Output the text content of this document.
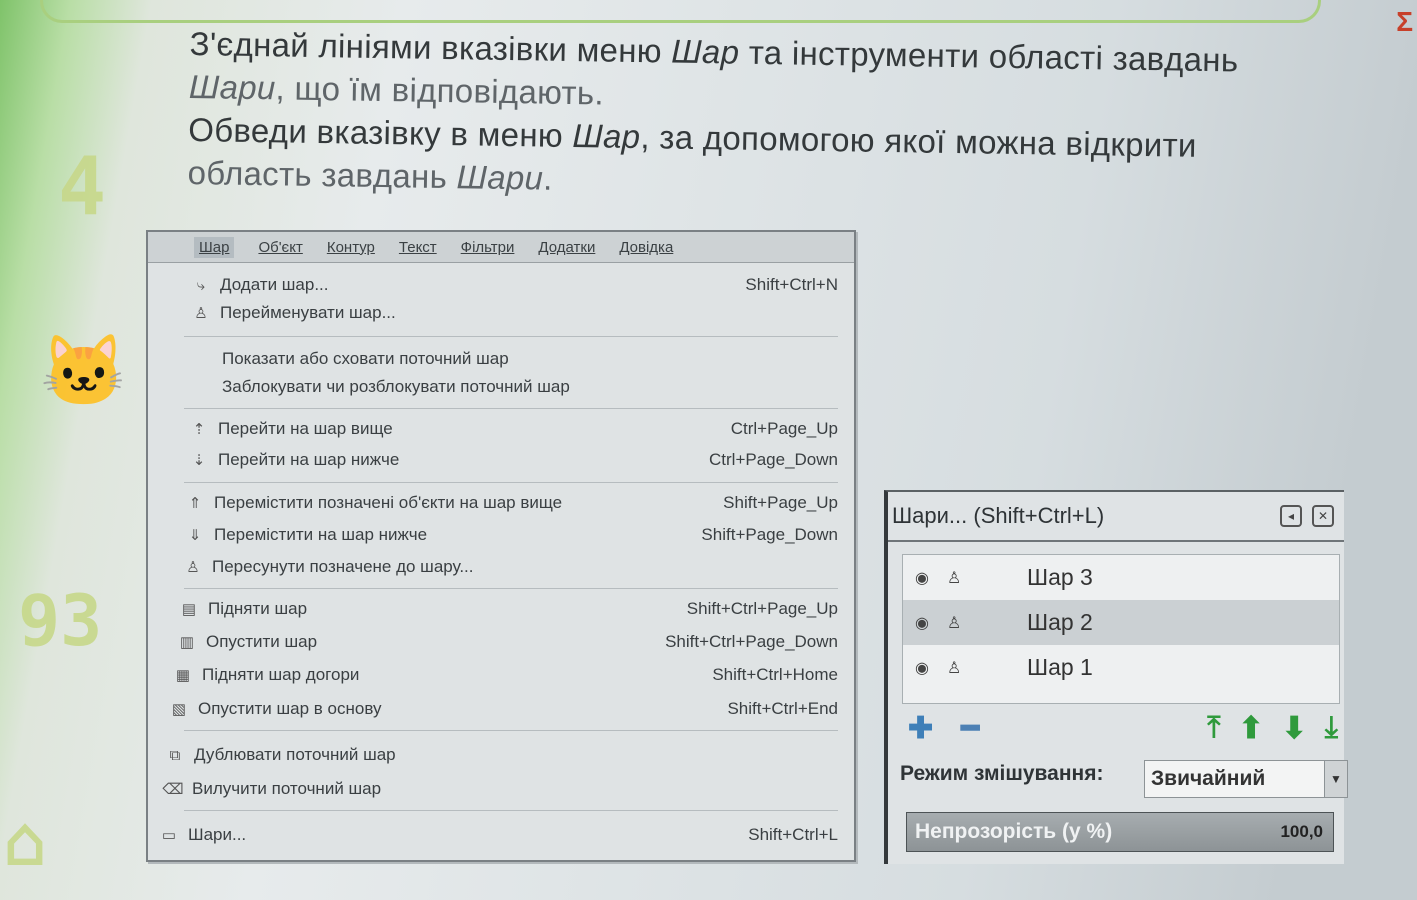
Σ
4
🐱
93
⌂

З'єднай лініями вказівки меню Шар та інструменти області завдань

Шари, що їм відповідають.

Обведи вказівку в меню Шар, за допомогою якої можна відкрити

область завдань Шари.

Шар	Об'єкт Контур Текст Фільтри Додатки Довідка
⤷ Додати шар...	Shift+Ctrl+N
♙ Перейменувати шар...
Показати або сховати поточний шар
Заблокувати чи розблокувати поточний шар
⇡ Перейти на шар вище	Ctrl+Page_Up
⇣ Перейти на шар нижче	Ctrl+Page_Down
⇑ Перемістити позначені об'єкти на шар вище	Shift+Page_Up
⇓ Перемістити на шар нижче	Shift+Page_Down
♙ Пересунути позначене до шару...
▤ Підняти шар	Shift+Ctrl+Page_Up
▥ Опустити шар	Shift+Ctrl+Page_Down
▦ Підняти шар догори	Shift+Ctrl+Home
▧ Опустити шар в основу	Shift+Ctrl+End
⧉ Дублювати поточний шар
⌫ Вилучити поточний шар
▭ Шари...	Shift+Ctrl+L
Шари... (Shift+Ctrl+L)	◂	✕
◉	♙	Шар 3
◉	♙	Шар 2
◉	♙	Шар 1
✚ ━	⤒ ⬆ ⬇ ⤓
Режим змішування: Звичайний	▼
Непрозорість (у %)	100,0
